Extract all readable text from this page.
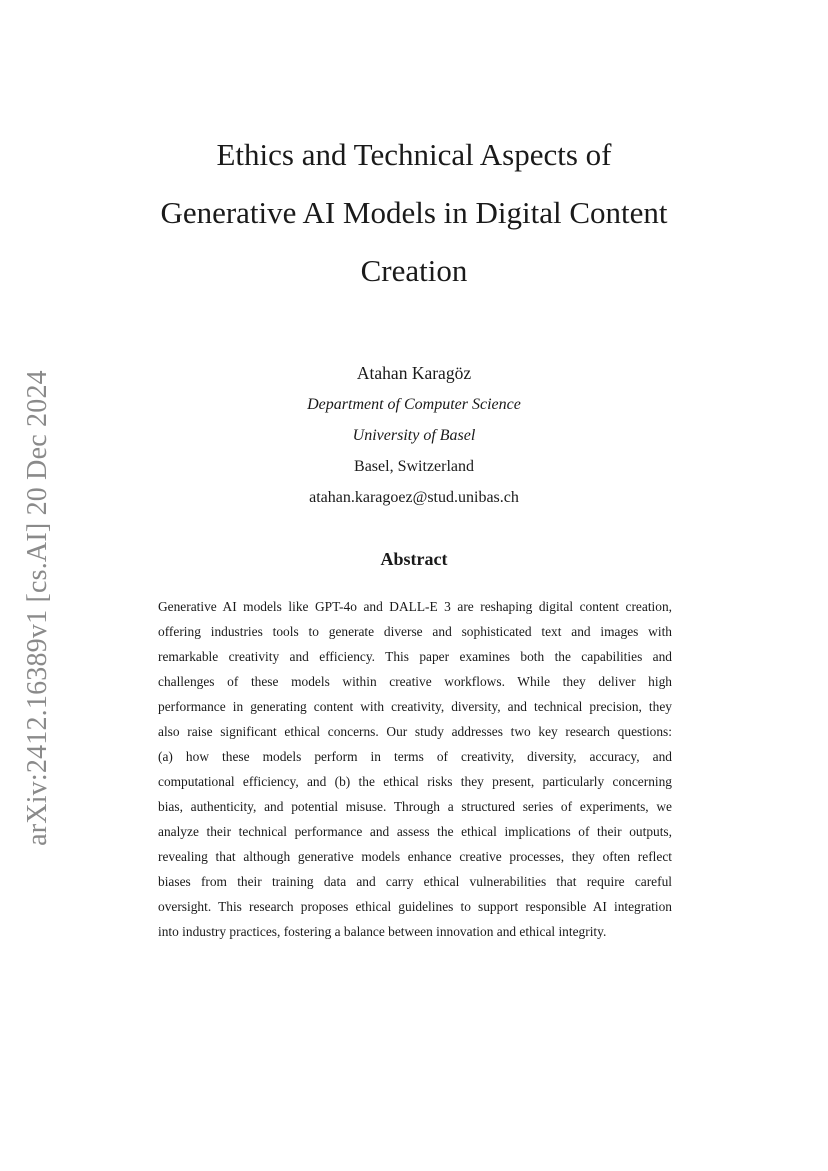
arXiv:2412.16389v1 [cs.AI] 20 Dec 2024
Ethics and Technical Aspects of
Generative AI Models in Digital Content
Creation
Atahan Karagöz
Department of Computer Science
University of Basel
Basel, Switzerland
atahan.karagoez@stud.unibas.ch
Abstract

Generative AI models like GPT-4o and DALL-E 3 are reshaping digital content creation,
offering industries tools to generate diverse and sophisticated text and images with
remarkable creativity and efficiency. This paper examines both the capabilities and
challenges of these models within creative workflows. While they deliver high
performance in generating content with creativity, diversity, and technical precision, they
also raise significant ethical concerns. Our study addresses two key research questions:
(a) how these models perform in terms of creativity, diversity, accuracy, and
computational efficiency, and (b) the ethical risks they present, particularly concerning
bias, authenticity, and potential misuse. Through a structured series of experiments, we
analyze their technical performance and assess the ethical implications of their outputs,
revealing that although generative models enhance creative processes, they often reflect
biases from their training data and carry ethical vulnerabilities that require careful
oversight. This research proposes ethical guidelines to support responsible AI integration
into industry practices, fostering a balance between innovation and ethical integrity.
